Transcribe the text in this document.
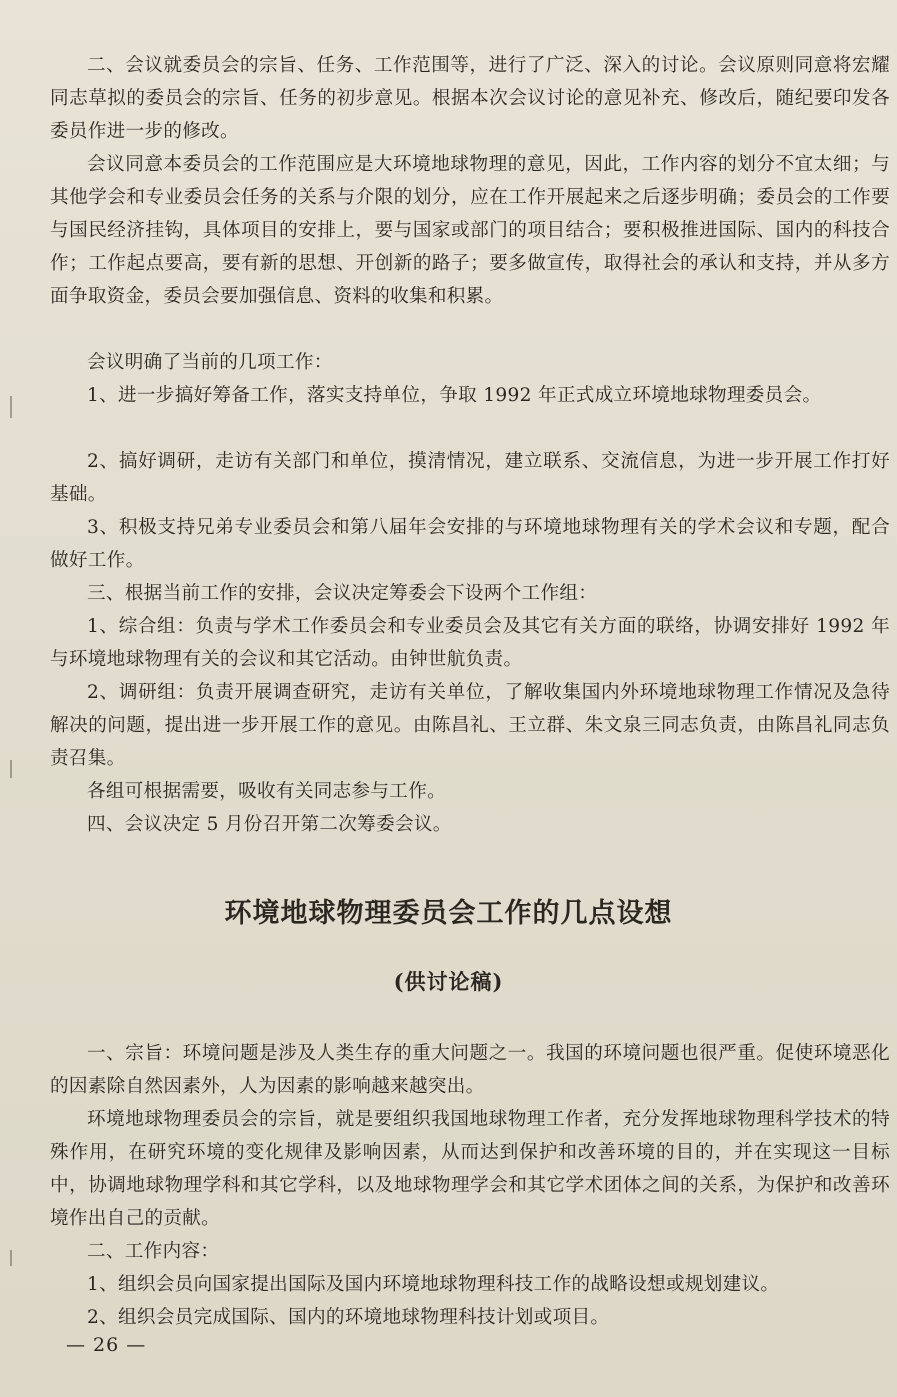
二、会议就委员会的宗旨、任务、工作范围等，进行了广泛、深入的讨论。会议原则同意将宏耀同志草拟的委员会的宗旨、任务的初步意见。根据本次会议讨论的意见补充、修改后，随纪要印发各委员作进一步的修改。

会议同意本委员会的工作范围应是大环境地球物理的意见，因此，工作内容的划分不宜太细；与其他学会和专业委员会任务的关系与介限的划分，应在工作开展起来之后逐步明确；委员会的工作要与国民经济挂钩，具体项目的安排上，要与国家或部门的项目结合；要积极推进国际、国内的科技合作；工作起点要高，要有新的思想、开创新的路子；要多做宣传，取得社会的承认和支持，并从多方面争取资金，委员会要加强信息、资料的收集和积累。

会议明确了当前的几项工作：

1、进一步搞好筹备工作，落实支持单位，争取 1992 年正式成立环境地球物理委员会。

2、搞好调研，走访有关部门和单位，摸清情况，建立联系、交流信息，为进一步开展工作打好基础。

3、积极支持兄弟专业委员会和第八届年会安排的与环境地球物理有关的学术会议和专题，配合做好工作。

三、根据当前工作的安排，会议决定筹委会下设两个工作组：

1、综合组：负责与学术工作委员会和专业委员会及其它有关方面的联络，协调安排好 1992 年与环境地球物理有关的会议和其它活动。由钟世航负责。

2、调研组：负责开展调查研究，走访有关单位，了解收集国内外环境地球物理工作情况及急待解决的问题，提出进一步开展工作的意见。由陈昌礼、王立群、朱文泉三同志负责，由陈昌礼同志负责召集。

各组可根据需要，吸收有关同志参与工作。

四、会议决定 5 月份召开第二次筹委会议。

环境地球物理委员会工作的几点设想
(供讨论稿)

一、宗旨：环境问题是涉及人类生存的重大问题之一。我国的环境问题也很严重。促使环境恶化的因素除自然因素外，人为因素的影响越来越突出。

环境地球物理委员会的宗旨，就是要组织我国地球物理工作者，充分发挥地球物理科学技术的特殊作用，在研究环境的变化规律及影响因素，从而达到保护和改善环境的目的，并在实现这一目标中，协调地球物理学科和其它学科，以及地球物理学会和其它学术团体之间的关系，为保护和改善环境作出自己的贡献。

二、工作内容：

1、组织会员向国家提出国际及国内环境地球物理科技工作的战略设想或规划建议。

2、组织会员完成国际、国内的环境地球物理科技计划或项目。

— 26 —
